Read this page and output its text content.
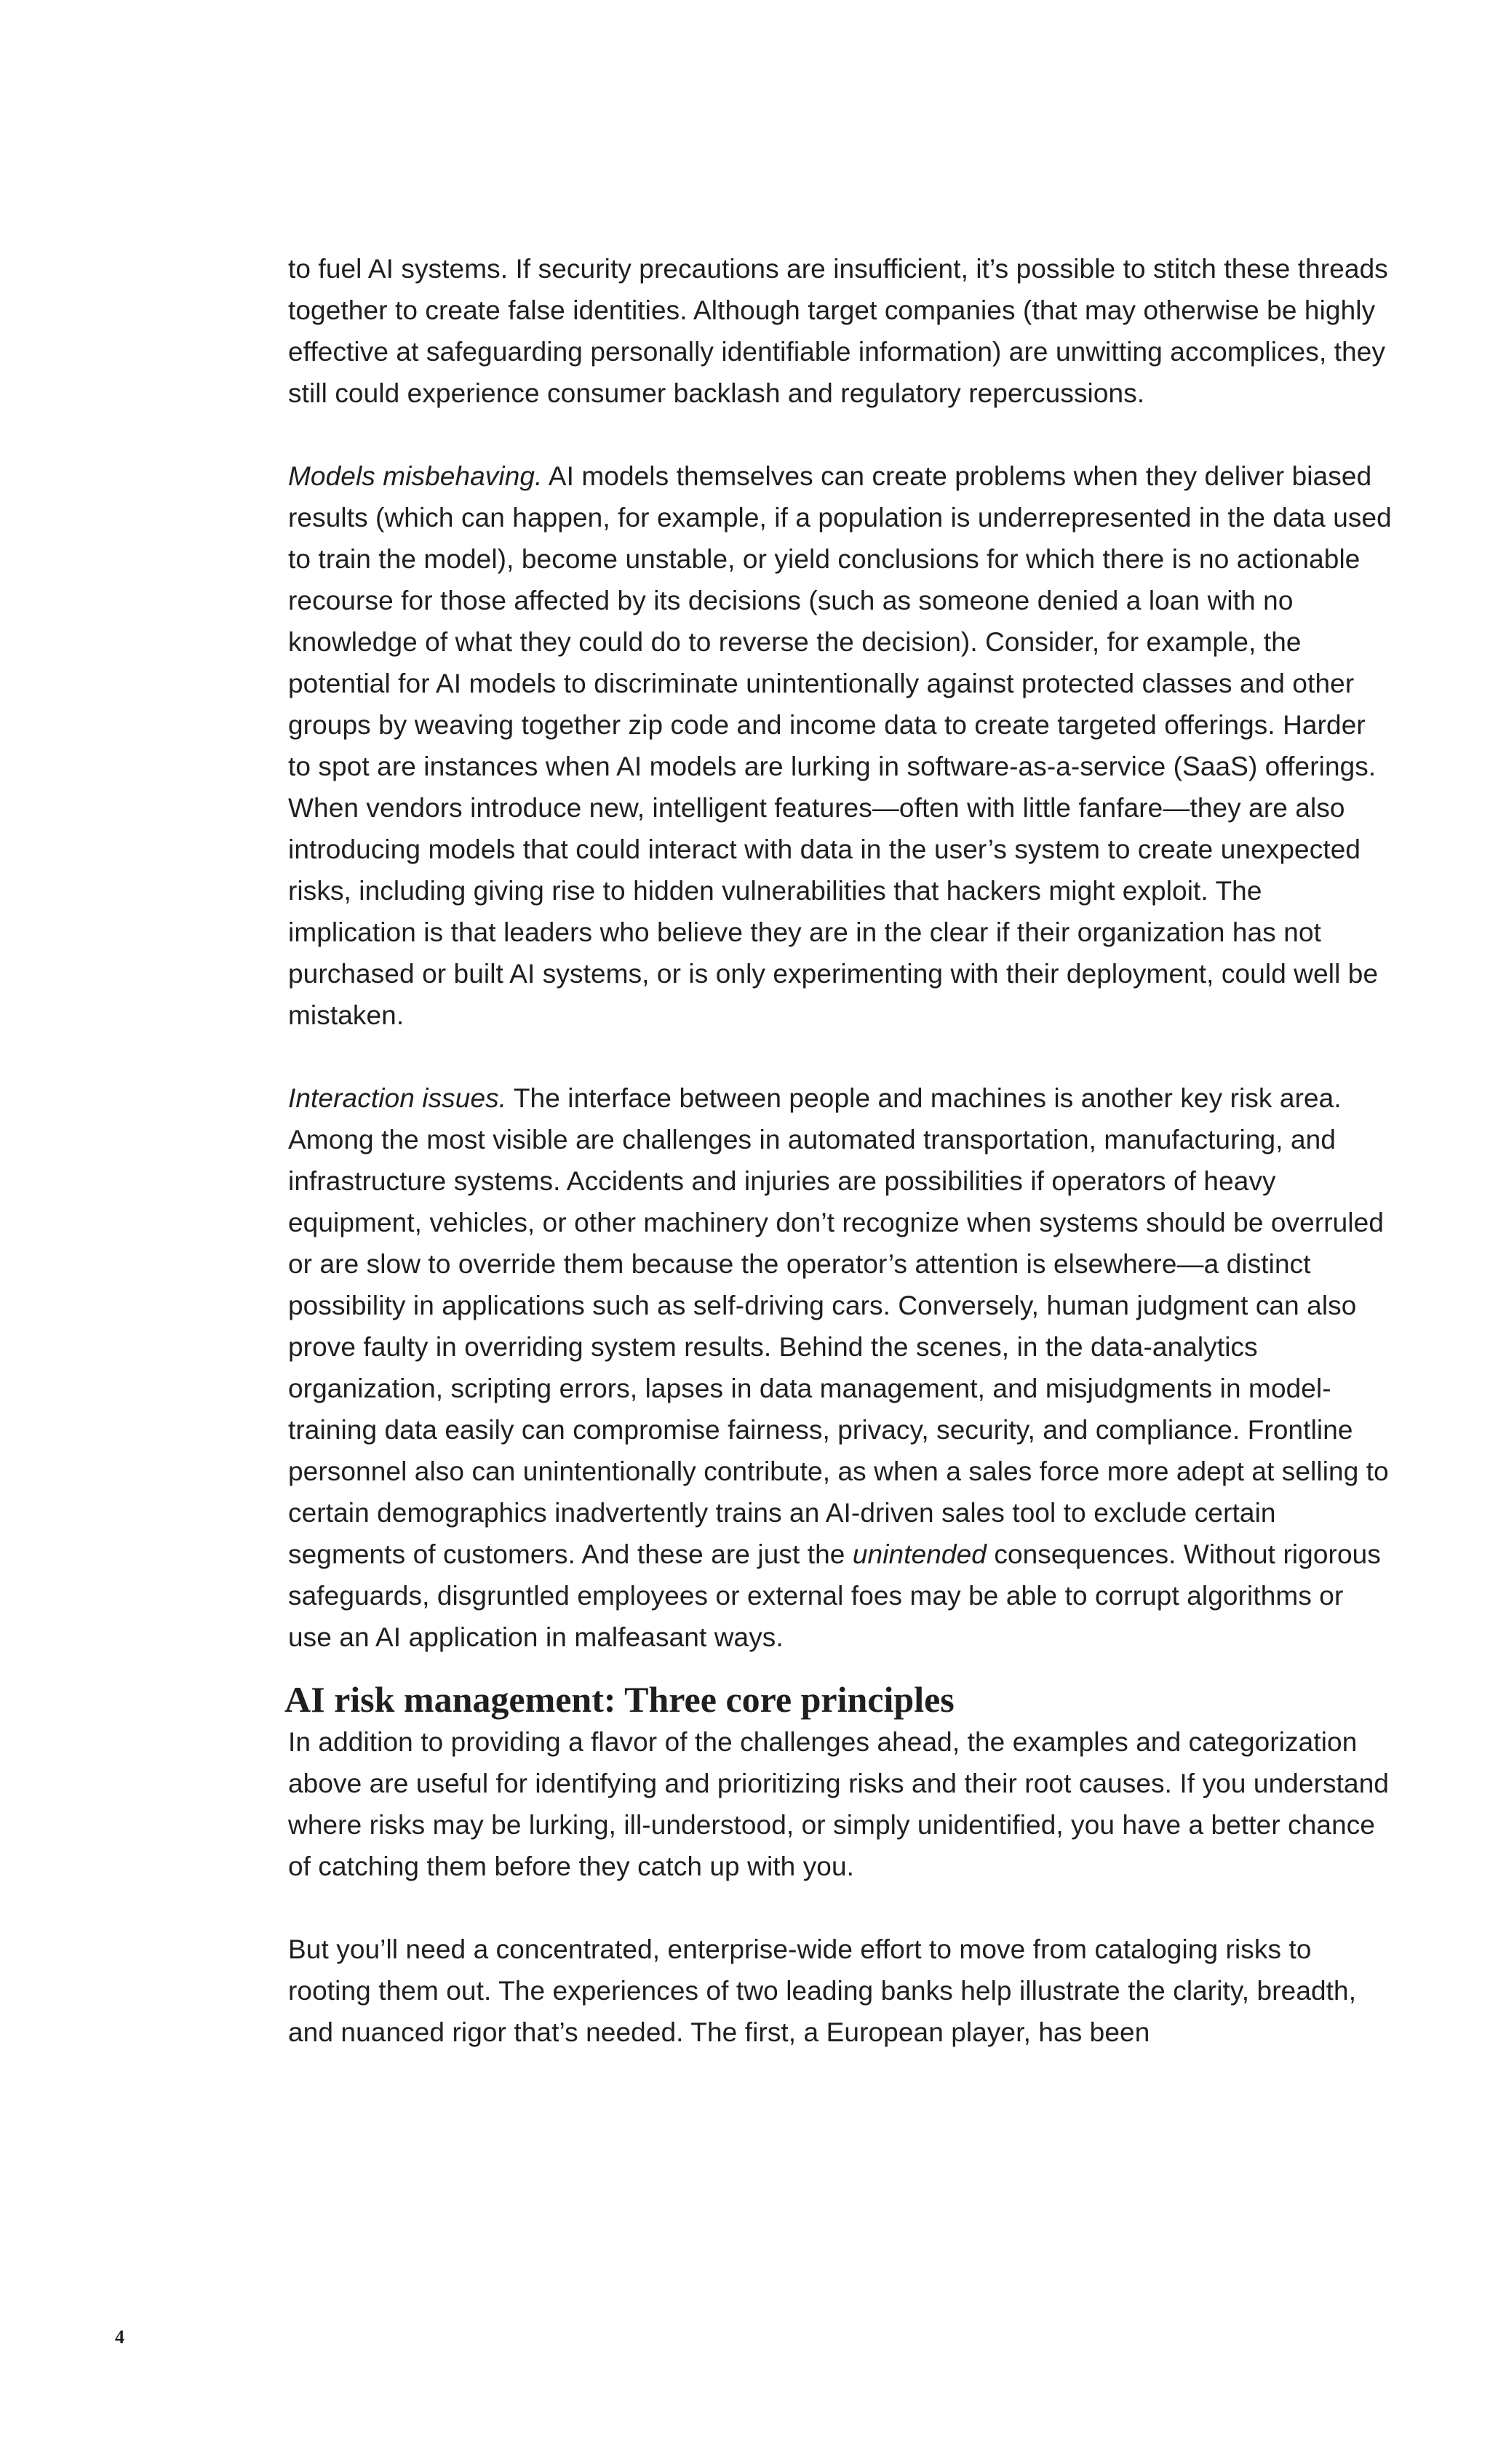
to fuel AI systems. If security precautions are insufficient, it’s possible to stitch these threads together to create false identities. Although target companies (that may otherwise be highly effective at safeguarding personally identifiable information) are unwitting accomplices, they still could experience consumer backlash and regulatory repercussions.

Models misbehaving. AI models themselves can create problems when they deliver biased results (which can happen, for example, if a population is underrepresented in the data used to train the model), become unstable, or yield conclusions for which there is no actionable recourse for those affected by its decisions (such as someone denied a loan with no knowledge of what they could do to reverse the decision). Consider, for example, the potential for AI models to discriminate unintentionally against protected classes and other groups by weaving together zip code and income data to create targeted offerings. Harder to spot are instances when AI models are lurking in software-as-a-service (SaaS) offerings. When vendors introduce new, intelligent features—often with little fanfare—they are also introducing models that could interact with data in the user’s system to create unexpected risks, including giving rise to hidden vulnerabilities that hackers might exploit. The implication is that leaders who believe they are in the clear if their organization has not purchased or built AI systems, or is only experimenting with their deployment, could well be mistaken.

Interaction issues. The interface between people and machines is another key risk area. Among the most visible are challenges in automated transportation, manufacturing, and infrastructure systems. Accidents and injuries are possibilities if operators of heavy equipment, vehicles, or other machinery don’t recognize when systems should be overruled or are slow to override them because the operator’s attention is elsewhere—a distinct possibility in applications such as self-driving cars. Conversely, human judgment can also prove faulty in overriding system results. Behind the scenes, in the data-analytics organization, scripting errors, lapses in data management, and misjudgments in model-training data easily can compromise fairness, privacy, security, and compliance. Frontline personnel also can unintentionally contribute, as when a sales force more adept at selling to certain demographics inadvertently trains an AI-driven sales tool to exclude certain segments of customers. And these are just the unintended consequences. Without rigorous safeguards, disgruntled employees or external foes may be able to corrupt algorithms or use an AI application in malfeasant ways.

AI risk management: Three core principles

In addition to providing a flavor of the challenges ahead, the examples and categorization above are useful for identifying and prioritizing risks and their root causes. If you understand where risks may be lurking, ill-understood, or simply unidentified, you have a better chance of catching them before they catch up with you.

But you’ll need a concentrated, enterprise-wide effort to move from cataloging risks to rooting them out. The experiences of two leading banks help illustrate the clarity, breadth, and nuanced rigor that’s needed. The first, a European player, has been

4
